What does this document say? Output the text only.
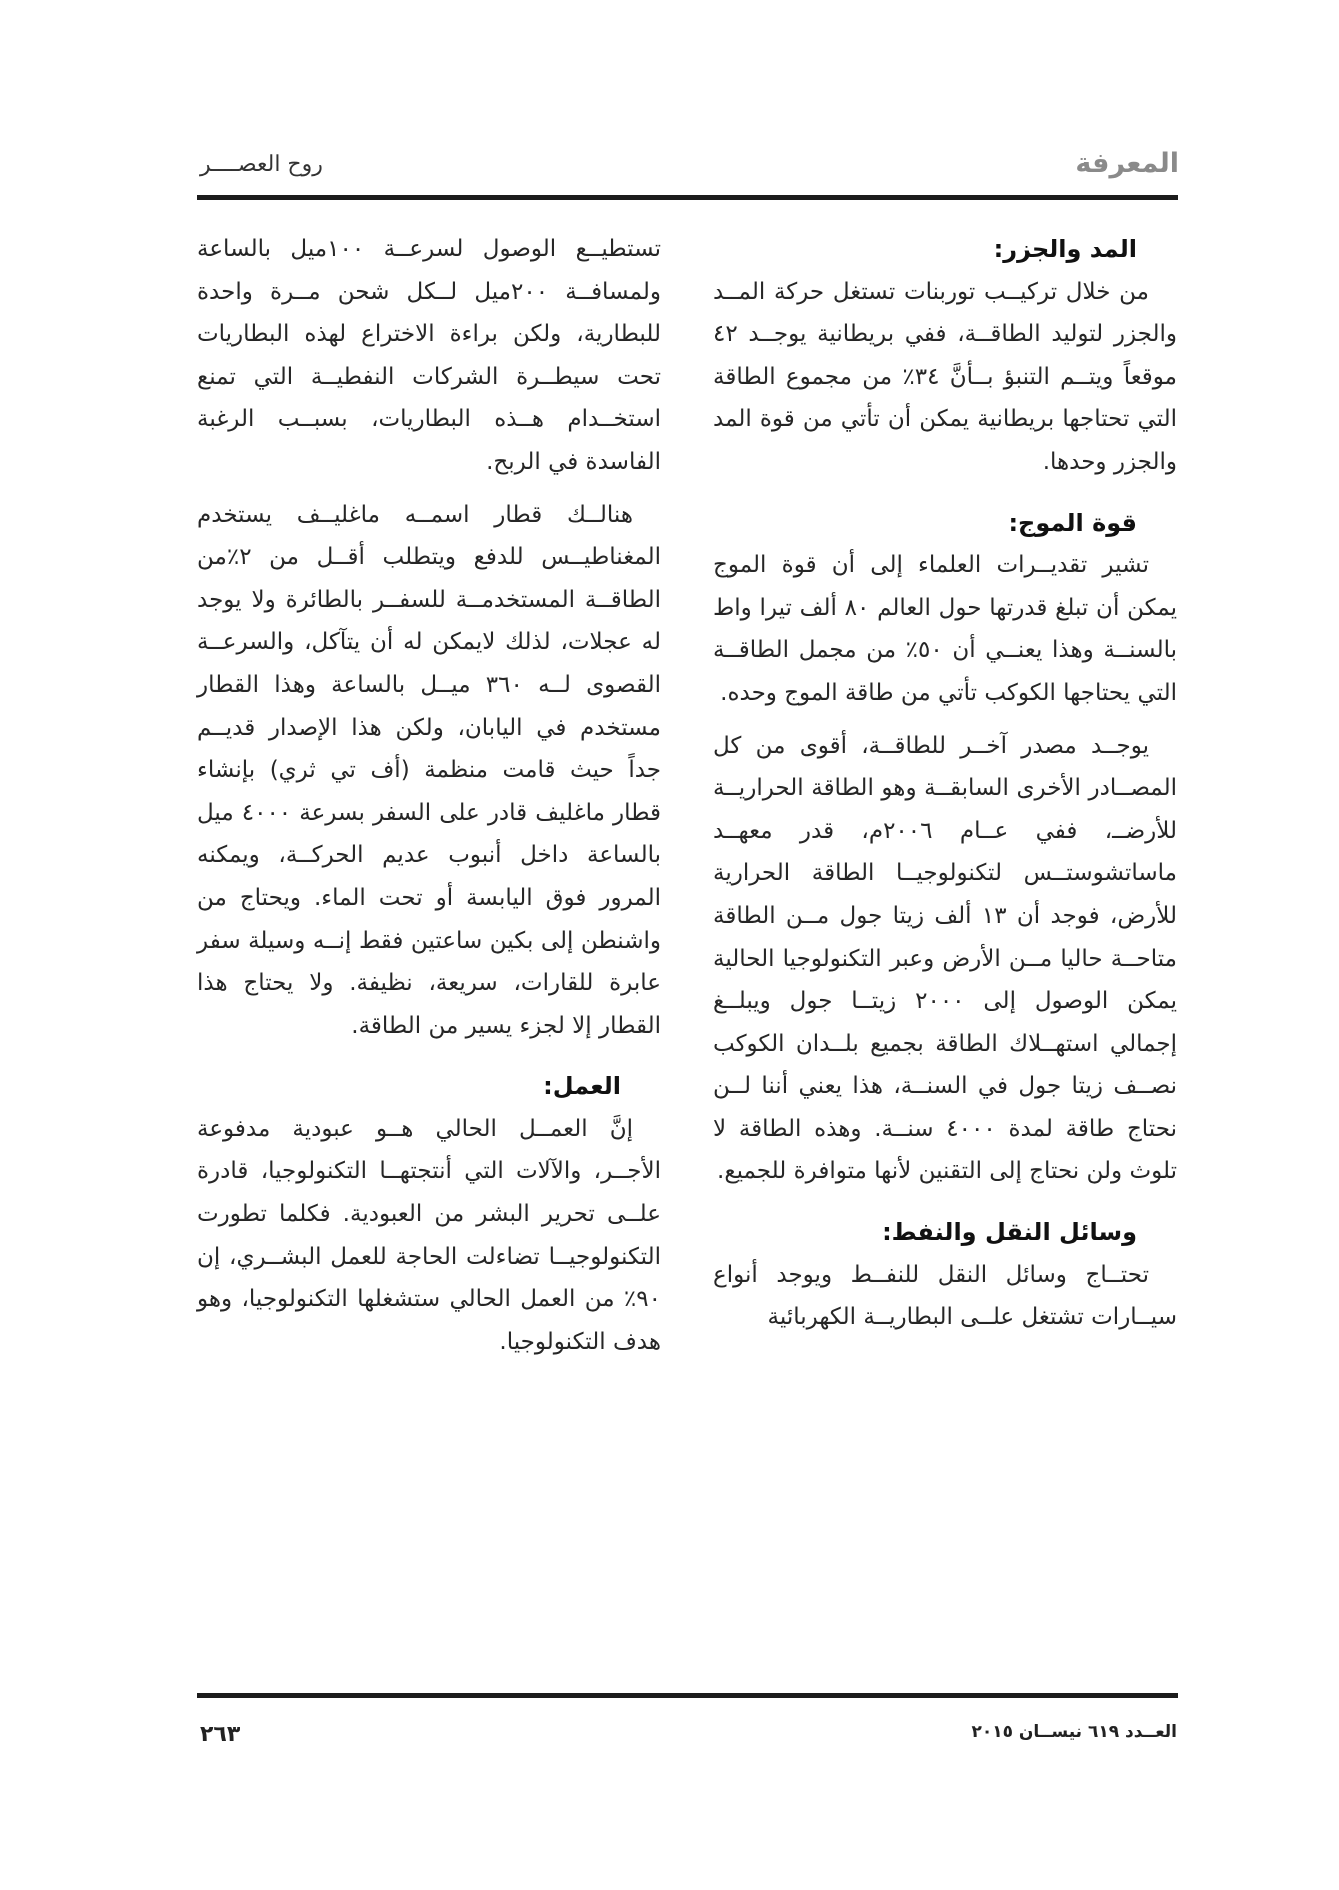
روح العصــــر	المعرفة
المد والجزر:

من خلال تركيــب توربنات تستغل حركة المــد والجزر لتوليد الطاقــة، ففي بريطانية يوجــد ٤٢ موقعاً ويتــم التنبؤ بــأنَّ ٣٤٪ من مجموع الطاقة التي تحتاجها بريطانية يمكن أن تأتي من قوة المد والجزر وحدها.

قوة الموج:

تشير تقديــرات العلماء إلى أن قوة الموج يمكن أن تبلغ قدرتها حول العالم ٨٠ ألف تيرا واط بالسنــة وهذا يعنــي أن ٥٠٪ من مجمل الطاقــة التي يحتاجها الكوكب تأتي من طاقة الموج وحده.

يوجــد مصدر آخــر للطاقــة، أقوى من كل المصــادر الأخرى السابقــة وهو الطاقة الحراريــة للأرضــ، ففي عــام ٢٠٠٦م، قدر معهــد ماساتشوستــس لتكنولوجيــا الطاقة الحرارية للأرض، فوجد أن ١٣ ألف زيتا جول مــن الطاقة متاحــة حاليا مــن الأرض وعبر التكنولوجيا الحالية يمكن الوصول إلى ٢٠٠٠ زيتــا جول ويبلــغ إجمالي استهــلاك الطاقة بجميع بلــدان الكوكب نصــف زيتا جول في السنــة، هذا يعني أننا لــن نحتاج طاقة لمدة ٤٠٠٠ سنــة. وهذه الطاقة لا تلوث ولن نحتاج إلى التقنين لأنها متوافرة للجميع.

وسائل النقل والنفط:

تحتــاج وسائل النقل للنفــط ويوجد أنواع سيــارات تشتغل علــى البطاريــة الكهربائية

تستطيــع الوصول لسرعــة ١٠٠ميل بالساعة ولمسافــة ٢٠٠ميل لــكل شحن مــرة واحدة للبطارية، ولكن براءة الاختراع لهذه البطاريات تحت سيطــرة الشركات النفطيــة التي تمنع استخــدام هــذه البطاريات، بسبــب الرغبة الفاسدة في الربح.

هنالــك قطار اسمــه ماغليــف يستخدم المغناطيــس للدفع ويتطلب أقــل من ٢٪من الطاقــة المستخدمــة للسفــر بالطائرة ولا يوجد له عجلات، لذلك لايمكن له أن يتآكل، والسرعــة القصوى لــه ٣٦٠ ميــل بالساعة وهذا القطار مستخدم في اليابان، ولكن هذا الإصدار قديــم جداً حيث قامت منظمة (أف تي ثري) بإنشاء قطار ماغليف قادر على السفر بسرعة ٤٠٠٠ ميل بالساعة داخل أنبوب عديم الحركــة، ويمكنه المرور فوق اليابسة أو تحت الماء. ويحتاج من واشنطن إلى بكين ساعتين فقط إنــه وسيلة سفر عابرة للقارات، سريعة، نظيفة. ولا يحتاج هذا القطار إلا لجزء يسير من الطاقة.

العمل:

إنَّ العمــل الحالي هــو عبودية مدفوعة الأجــر، والآلات التي أنتجتهــا التكنولوجيا، قادرة علــى تحرير البشر من العبودية. فكلما تطورت التكنولوجيــا تضاءلت الحاجة للعمل البشــري، إن ٩٠٪ من العمل الحالي ستشغلها التكنولوجيا، وهو هدف التكنولوجيا.

العــدد ٦١٩ نيســان ٢٠١٥
٢٦٣
